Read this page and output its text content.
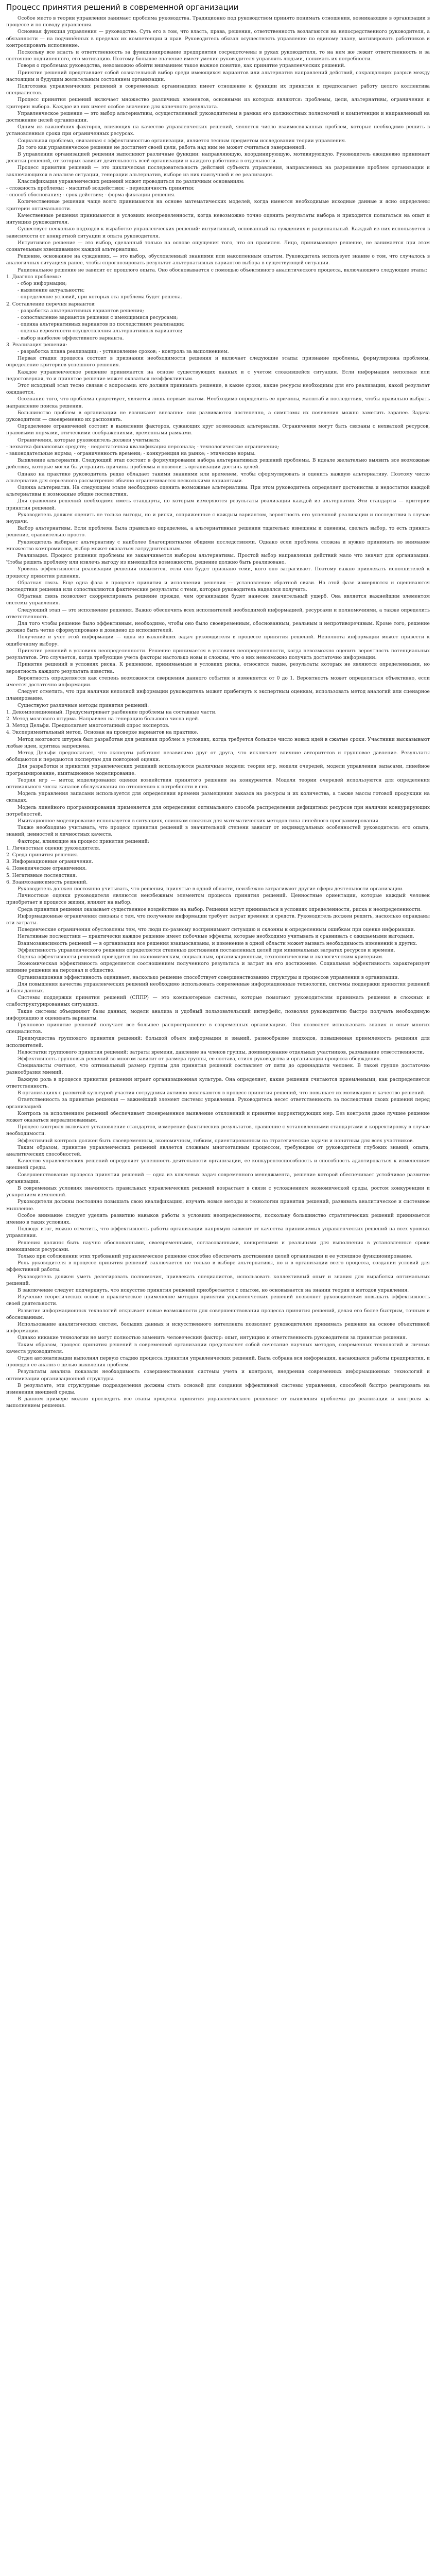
Процесс принятия решений в современной организации

Особое место в теории управления занимает проблема руководства. Традиционно под руководством принято понимать отношения, возникающие в организации в процессе и по поводу управления.

Основная функция управления — руководство. Суть его в том, что власть, права, решения, ответственность возлагаются на непосредственного руководителя, а обязанности — на подчинённых в пределах их компетенции и прав. Руководитель обязан осуществлять управление по единому плану, мотивировать работников и контролировать исполнение.

Поскольку все власть и ответственность за функционирование предприятия сосредоточены в руках руководителя, то на нем же лежит ответственность и за состояние подчиненного, его мотивацию. Поэтому большое значение имеет умение руководителя управлять людьми, понимать их потребности.

Говоря о проблемах руководства, невозможно обойти вниманием такое важное понятие, как принятие управленческих решений.

Принятие решений представляет собой сознательный выбор среди имеющихся вариантов или альтернатив направлений действий, сокращающих разрыв между настоящим и будущим желательным состоянием организации.

Подготовка управленческих решений в современных организациях имеет отношение к функции их принятия и предполагает работу целого коллектива специалистов.

Процесс принятия решений включает множество различных элементов, основными из которых являются: проблемы, цели, альтернативы, ограничения и критерии выбора. Каждое из них имеет особое значение для конечного результата.

Управленческое решение — это выбор альтернативы, осуществленный руководителем в рамках его должностных полномочий и компетенции и направленный на достижение целей организации.

Одним из важнейших факторов, влияющих на качество управленческих решений, является число взаимосвязанных проблем, которые необходимо решить в установленные сроки при ограниченных ресурсах.

Социальная проблема, связанная с эффективностью организации, является тесным предметом исследования теории управления.

До того как управленческое решение не достигнет своей цели, работа над ним не может считаться завершенной.

В управлении организацией решения выполняют различные функции: направляющую, координирующую, мотивирующую. Руководитель ежедневно принимает десятки решений, от которых зависит деятельность всей организации и каждого работника в отдельности.

Процесс принятия решений — это циклическая последовательность действий субъекта управления, направленных на разрешение проблем организации и заключающихся в анализе ситуации, генерации альтернатив, выборе из них наилучшей и ее реализации.

Классификация управленческих решений может проводиться по различным основаниям:

- сложность проблемы; - масштаб воздействия; - периодичность принятия;

- способ обоснования; - срок действия; - форма фиксации решения.

Количественные решения чаще всего принимаются на основе математических моделей, когда имеются необходимые исходные данные и ясно определены критерии оптимальности.

Качественные решения принимаются в условиях неопределенности, когда невозможно точно оценить результаты выбора и приходится полагаться на опыт и интуицию руководителя.

Существует несколько подходов к выработке управленческих решений: интуитивный, основанный на суждениях и рациональный. Каждый из них используется в зависимости от конкретной ситуации и опыта руководителя.

Интуитивное решение — это выбор, сделанный только на основе ощущения того, что он правилен. Лицо, принимающее решение, не занимается при этом сознательным взвешиванием каждой альтернативы.

Решение, основанное на суждениях, — это выбор, обусловленный знаниями или накопленным опытом. Руководитель использует знание о том, что случалось в аналогичных ситуациях ранее, чтобы спрогнозировать результат альтернативных вариантов выбора в существующей ситуации.

Рациональное решение не зависит от прошлого опыта. Оно обосновывается с помощью объективного аналитического процесса, включающего следующие этапы:

1. Диагноз проблемы:

- сбор информации;

- выявление актуальности;

- определение условий, при которых эта проблема будет решена.

2. Составление перечня вариантов:

- разработка альтернативных вариантов решения;

- сопоставление вариантов решения с имеющимися ресурсами;

- оценка альтернативных вариантов по последствиям реализации;

- оценка вероятности осуществления альтернативных вариантов;

- выбор наиболее эффективного варианта.

3. Реализация решения:

- разработка плана реализации; - установление сроков; - контроль за выполнением.

Первая стадия процесса состоит в признании необходимости решения и включает следующие этапы: признание проблемы, формулировка проблемы, определение критериев успешного решения.

Каждое управленческое решение принимается на основе существующих данных и с учетом сложившейся ситуации. Если информация неполная или недостоверная, то и принятое решение может оказаться неэффективным.

Этот исходный этап тесно связан с вопросами: кто должен принимать решение, в какие сроки, какие ресурсы необходимы для его реализации, какой результат ожидается.

Осознание того, что проблема существует, является лишь первым шагом. Необходимо определить ее причины, масштаб и последствия, чтобы правильно выбрать направление поиска решения.

Большинство проблем в организации не возникают внезапно: они развиваются постепенно, а симптомы их появления можно заметить заранее. Задача руководителя — своевременно их распознать.

Определение ограничений состоит в выявлении факторов, сужающих круг возможных альтернатив. Ограничения могут быть связаны с нехваткой ресурсов, правовыми нормами, этическими соображениями, временными рамками.

Ограничения, которые руководитель должен учитывать:

- нехватка финансовых средств; - недостаточная квалификация персонала; - технологические ограничения;

- законодательные нормы; - ограниченность времени; - конкуренция на рынке; - этические нормы.

Выявление альтернатив. Следующий этап состоит в формулировании набора альтернативных решений проблемы. В идеале желательно выявить все возможные действия, которые могли бы устранить причины проблемы и позволить организации достичь целей.

Однако на практике руководитель редко обладает такими знаниями или временем, чтобы сформулировать и оценить каждую альтернативу. Поэтому число альтернатив для серьезного рассмотрения обычно ограничивается несколькими вариантами.

Оценка альтернатив. На следующем этапе необходимо оценить возможные альтернативы. При этом руководитель определяет достоинства и недостатки каждой альтернативы и возможные общие последствия.

Для сравнения решений необходимо иметь стандарты, по которым измеряются результаты реализации каждой из альтернатив. Эти стандарты — критерии принятия решений.

Руководитель должен оценить не только выгоды, но и риски, сопряженные с каждым вариантом, вероятность его успешной реализации и последствия в случае неудачи.

Выбор альтернативы. Если проблема была правильно определена, а альтернативные решения тщательно взвешены и оценены, сделать выбор, то есть принять решение, сравнительно просто.

Руководитель выбирает альтернативу с наиболее благоприятными общими последствиями. Однако если проблема сложна и нужно принимать во внимание множество компромиссов, выбор может оказаться затруднительным.

Реализация. Процесс решения проблемы не заканчивается выбором альтернативы. Простой выбор направления действий мало что значит для организации. Чтобы решить проблему или извлечь выгоду из имеющейся возможности, решение должно быть реализовано.

Уровень эффективности реализации решения повысится, если оно будет признано теми, кого оно затрагивает. Поэтому важно привлекать исполнителей к процессу принятия решения.

Обратная связь. Еще одна фаза в процессе принятия и исполнения решения — установление обратной связи. На этой фазе измеряются и оцениваются последствия решения или сопоставляются фактические результаты с теми, которые руководитель надеялся получить.

Обратная связь позволяет скорректировать решение прежде, чем организации будет нанесен значительный ущерб. Она является важнейшим элементом системы управления.

Следующий этап — это исполнение решения. Важно обеспечить всех исполнителей необходимой информацией, ресурсами и полномочиями, а также определить ответственность.

Для того чтобы решение было эффективным, необходимо, чтобы оно было своевременным, обоснованным, реальным и непротиворечивым. Кроме того, решение должно быть четко сформулировано и доведено до исполнителей.

Получение и учет этой информации — одна из важнейших задач руководителя в процессе принятия решений. Неполнота информации может привести к ошибочному выбору.

Принятие решений в условиях неопределенности. Решение принимается в условиях неопределенности, когда невозможно оценить вероятность потенциальных результатов. Это случается, когда требующие учета факторы настолько новы и сложны, что о них невозможно получить достаточно информации.

Принятие решений в условиях риска. К решениям, принимаемым в условиях риска, относятся такие, результаты которых не являются определенными, но вероятность каждого результата известна.

Вероятность определяется как степень возможности свершения данного события и изменяется от 0 до 1. Вероятность может определяться объективно, если имеется достаточно информации.

Следует отметить, что при наличии неполной информации руководитель может прибегнуть к экспертным оценкам, использовать метод аналогий или сценарное планирование.

Существуют различные методы принятия решений:

1. Декомпозиционный. Предусматривает разбиение проблемы на составные части.

2. Метод мозгового штурма. Направлен на генерацию большого числа идей.

3. Метод Дельфи. Предполагает многоэтапный опрос экспертов.

4. Экспериментальный метод. Основан на проверке вариантов на практике.

Метод мозгового штурма был разработан для решения проблем в условиях, когда требуется большое число новых идей в сжатые сроки. Участники высказывают любые идеи, критика запрещена.

Метод Дельфи предполагает, что эксперты работают независимо друг от друга, что исключает влияние авторитетов и групповое давление. Результаты обобщаются и передаются экспертам для повторной оценки.

Для разработки и принятия управленческих решений используются различные модели: теория игр, модели очередей, модели управления запасами, линейное программирование, имитационное моделирование.

Теория игр — метод моделирования оценки воздействия принятого решения на конкурентов. Модели теории очередей используются для определения оптимального числа каналов обслуживания по отношению к потребности в них.

Модель управления запасами используется для определения времени размещения заказов на ресурсы и их количества, а также массы готовой продукции на складах.

Модель линейного программирования применяется для определения оптимального способа распределения дефицитных ресурсов при наличии конкурирующих потребностей.

Имитационное моделирование используется в ситуациях, слишком сложных для математических методов типа линейного программирования.

Также необходимо учитывать, что процесс принятия решений в значительной степени зависит от индивидуальных особенностей руководителя: его опыта, знаний, ценностей и личностных качеств.

Факторы, влияющие на процесс принятия решений:

1. Личностные оценки руководителя.

2. Среда принятия решения.

3. Информационные ограничения.

4. Поведенческие ограничения.

5. Негативные последствия.

6. Взаимозависимость решений.

Руководитель должен постоянно учитывать, что решения, принятые в одной области, неизбежно затрагивают другие сферы деятельности организации.

Личностные оценки руководителя являются неизбежным элементом процесса принятия решений. Ценностные ориентации, которые каждый человек приобретает в процессе жизни, влияют на выбор.

Среда принятия решения оказывает существенное воздействие на выбор. Решения могут приниматься в условиях определенности, риска и неопределенности.

Информационные ограничения связаны с тем, что получение информации требует затрат времени и средств. Руководитель должен решить, насколько оправданы эти затраты.

Поведенческие ограничения обусловлены тем, что люди по-разному воспринимают ситуацию и склонны к определенным ошибкам при оценке информации.

Негативные последствия — практически каждое решение имеет побочные эффекты, которые необходимо учитывать и сравнивать с ожидаемыми выгодами.

Взаимозависимость решений — в организации все решения взаимосвязаны, и изменение в одной области может вызвать необходимость изменений в других.

Эффективность управленческого решения определяется степенью достижения поставленных целей при минимальных затратах ресурсов и времени.

Оценка эффективности решений проводится по экономическим, социальным, организационным, технологическим и экологическим критериям.

Экономическая эффективность определяется соотношением полученного результата и затрат на его достижение. Социальная эффективность характеризует влияние решения на персонал и общество.

Организационная эффективность оценивает, насколько решение способствует совершенствованию структуры и процессов управления в организации.

Для повышения качества управленческих решений необходимо использовать современные информационные технологии, системы поддержки принятия решений и базы данных.

Системы поддержки принятия решений (СППР) — это компьютерные системы, которые помогают руководителям принимать решения в сложных и слабоструктурированных ситуациях.

Такие системы объединяют базы данных, модели анализа и удобный пользовательский интерфейс, позволяя руководителю быстро получать необходимую информацию и оценивать варианты.

Групповое принятие решений получает все большее распространение в современных организациях. Оно позволяет использовать знания и опыт многих специалистов.

Преимущества группового принятия решений: большой объем информации и знаний, разнообразие подходов, повышенная приемлемость решения для исполнителей.

Недостатки группового принятия решений: затраты времени, давление на членов группы, доминирование отдельных участников, размывание ответственности.

Эффективность групповых решений во многом зависит от размера группы, ее состава, стиля руководства и организации процесса обсуждения.

Специалисты считают, что оптимальный размер группы для принятия решений составляет от пяти до одиннадцати человек. В такой группе достаточно разнообразия мнений.

Важную роль в процессе принятия решений играет организационная культура. Она определяет, какие решения считаются приемлемыми, как распределяется ответственность.

В организациях с развитой культурой участия сотрудники активно вовлекаются в процесс принятия решений, что повышает их мотивацию и качество решений.

Ответственность за принятые решения — важнейший элемент системы управления. Руководитель несет ответственность за последствия своих решений перед организацией.

Контроль за исполнением решений обеспечивает своевременное выявление отклонений и принятие корректирующих мер. Без контроля даже лучшее решение может оказаться нереализованным.

Процесс контроля включает установление стандартов, измерение фактических результатов, сравнение с установленными стандартами и корректировку в случае необходимости.

Эффективный контроль должен быть своевременным, экономичным, гибким, ориентированным на стратегические задачи и понятным для всех участников.

Таким образом, принятие управленческих решений является сложным многоэтапным процессом, требующим от руководителя глубоких знаний, опыта, аналитических способностей.

Качество управленческих решений определяет успешность деятельности организации, ее конкурентоспособность и способность адаптироваться к изменениям внешней среды.

Совершенствование процесса принятия решений — одна из ключевых задач современного менеджмента, решение которой обеспечивает устойчивое развитие организации.

В современных условиях значимость правильных управленческих решений возрастает в связи с усложнением экономической среды, ростом конкуренции и ускорением изменений.

Руководители должны постоянно повышать свою квалификацию, изучать новые методы и технологии принятия решений, развивать аналитическое и системное мышление.

Особое внимание следует уделять развитию навыков работы в условиях неопределенности, поскольку большинство стратегических решений принимается именно в таких условиях.

Подводя итог, можно отметить, что эффективность работы организации напрямую зависит от качества принимаемых управленческих решений на всех уровнях управления.

Решения должны быть научно обоснованными, своевременными, согласованными, конкретными и реальными для выполнения в установленные сроки имеющимися ресурсами.

Только при соблюдении этих требований управленческое решение способно обеспечить достижение целей организации и ее успешное функционирование.

Роль руководителя в процессе принятия решений заключается не только в выборе альтернативы, но и в организации всего процесса, создании условий для эффективной работы.

Руководитель должен уметь делегировать полномочия, привлекать специалистов, использовать коллективный опыт и знания для выработки оптимальных решений.

В заключение следует подчеркнуть, что искусство принятия решений приобретается с опытом, но основывается на знании теории и методов управления.

Изучение теоретических основ и практическое применение методов принятия управленческих решений позволяет руководителям повышать эффективность своей деятельности.

Развитие информационных технологий открывает новые возможности для совершенствования процесса принятия решений, делая его более быстрым, точным и обоснованным.

Использование аналитических систем, больших данных и искусственного интеллекта позволяет руководителям принимать решения на основе объективной информации.

Однако никакие технологии не могут полностью заменить человеческий фактор: опыт, интуицию и ответственность руководителя за принятые решения.

Таким образом, процесс принятия решений в современной организации представляет собой сочетание научных методов, современных технологий и личных качеств руководителя.

Отдел автоматизации выполнял первую стадию процесса принятия управленческих решений. Была собрана вся информация, касающаяся работы предприятия, и проведен ее анализ с целью выявления проблем.

Результаты анализа показали необходимость совершенствования системы учета и контроля, внедрения современных информационных технологий и оптимизации организационной структуры.

В результате, эти структурные подразделения должны стать основой для создания эффективной системы управления, способной быстро реагировать на изменения внешней среды.

В данном примере можно проследить все этапы процесса принятия управленческого решения: от выявления проблемы до реализации и контроля за выполнением решения.
